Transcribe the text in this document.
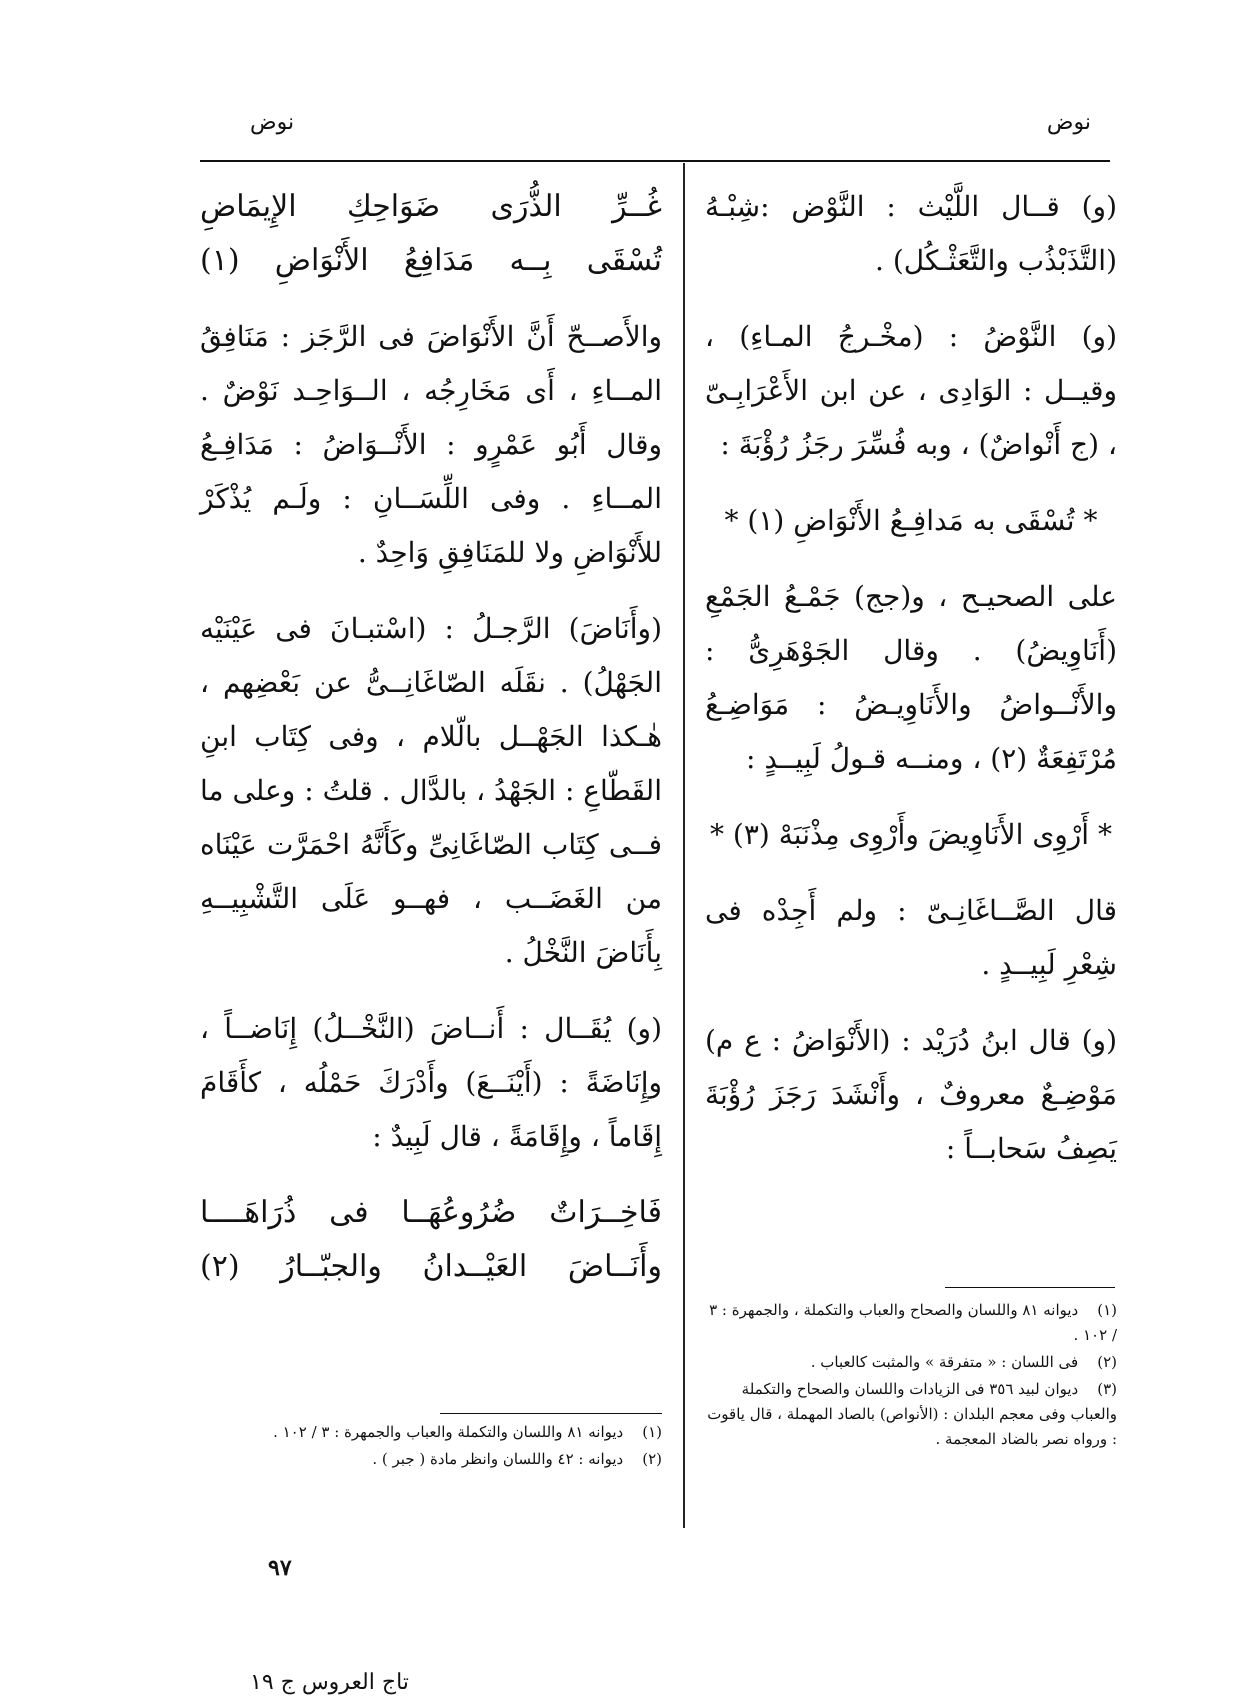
نوض
نوض

(و) قــال اللَّيْث : النَّوْض :شِبْـهُ (التَّذَبْذُب والتَّعَثْـكُل) .

(و) النَّوْضُ : (مخْـرجُ المـاءِ) ، وقيــل : الوَادِى ، عن ابن الأَعْرَابِـىّ ، (ج أَنْواضٌ) ، وبه فُسِّرَ رجَزُ رُؤْبَةَ :

* تُسْقَى به مَدافِـعُ الأَنْوَاضِ (١) *

على الصحيـح ، و(جج) جَمْـعُ الجَمْعِ (أَنَاوِيضُ) . وقال الجَوْهَرِىُّ : والأَنْــواضُ والأَنَاوِيـضُ : مَوَاضِـعُ مُرْتَفِعَةٌ (٢) ، ومنــه قـولُ لَبِيــدٍ :

* أَرْوِى الأَنَاوِيضَ وأَرْوِى مِذْنَبَهْ (٣) *

قال الصَّــاغَانِـىّ : ولم أَجِدْه فى شِعْرِ لَبِيــدٍ .

(و) قال ابنُ دُرَيْد : (الأَنْوَاضُ : ع م) مَوْضِـعٌ معروفٌ ، وأَنْشَدَ رَجَزَ رُؤْبَةَ يَصِفُ سَحابــاً :

غُــرِّ الذُّرَى ضَوَاحِكِ الإِيمَاضِ

تُسْقَى بِــه مَدَافِعُ الأَنْوَاضِ (١)

والأَصــحّ أَنَّ الأَنْوَاضَ فى الرَّجَز : مَنَافِقُ المــاءِ ، أَى مَخَارِجُه ، الــوَاحِـد نَوْضٌ . وقال أَبُو عَمْرٍو : الأَنْــوَاضُ : مَدَافِـعُ المــاءِ . وفى اللِّسَــانِ : ولَـم يُذْكَرْ للأَنْوَاضِ ولا للمَنَافِقِ وَاحِدٌ .

(وأَنَاضَ) الرَّجـلُ : (اسْتبـانَ فى عَيْنَيْه الجَهْلُ) . نقَلَه الصّاغَانِــىُّ عن بَعْضِهم ، هٰـكذا الجَهْــل بالّلام ، وفى كِتَاب ابنِ القَطّاعِ : الجَهْدُ ، بالدَّال . قلتُ : وعلى ما فــى كِتَاب الصّاغَانِىِّ وكَأَنَّهُ احْمَرَّت عَيْنَاه من الغَضَــب ، فهــو عَلَى التَّشْبِيــهِ بِأَنَاضَ النَّخْلُ .

(و) يُقَــال : أَنــاضَ (النَّخْــلُ) إِنَاضــاً ، وإِنَاضَةً : (أَيْنَــعَ) وأَدْرَكَ حَمْلُه ، كأَقَامَ إِقَاماً ، وإِقَامَةً ، قال لَبِيدٌ :

فَاخِــرَاتٌ ضُرُوعُهَــا فى ذُرَاهَــــا

وأَنَــاضَ العَيْــدانُ والجبّــارُ (٢)

(١) ديوانه ٨١ واللسان والصحاح والعباب والتكملة ، والجمهرة : ٣ / ١٠٢ .
(٢) فى اللسان : « متفرقة » والمثبت كالعباب .
(٣) ديوان لبيد ٣٥٦ فى الزيادات واللسان والصحاح والتكملة والعباب وفى معجم البلدان : (الأنواص) بالصاد المهملة ، قال ياقوت : ورواه نصر بالضاد المعجمة .
(١) ديوانه ٨١ واللسان والتكملة والعباب والجمهرة : ٣ / ١٠٢ .
(٢) ديوانه : ٤٢ واللسان وانظر مادة ( جبر ) .
٩٧
تاج العروس ج ١٩
